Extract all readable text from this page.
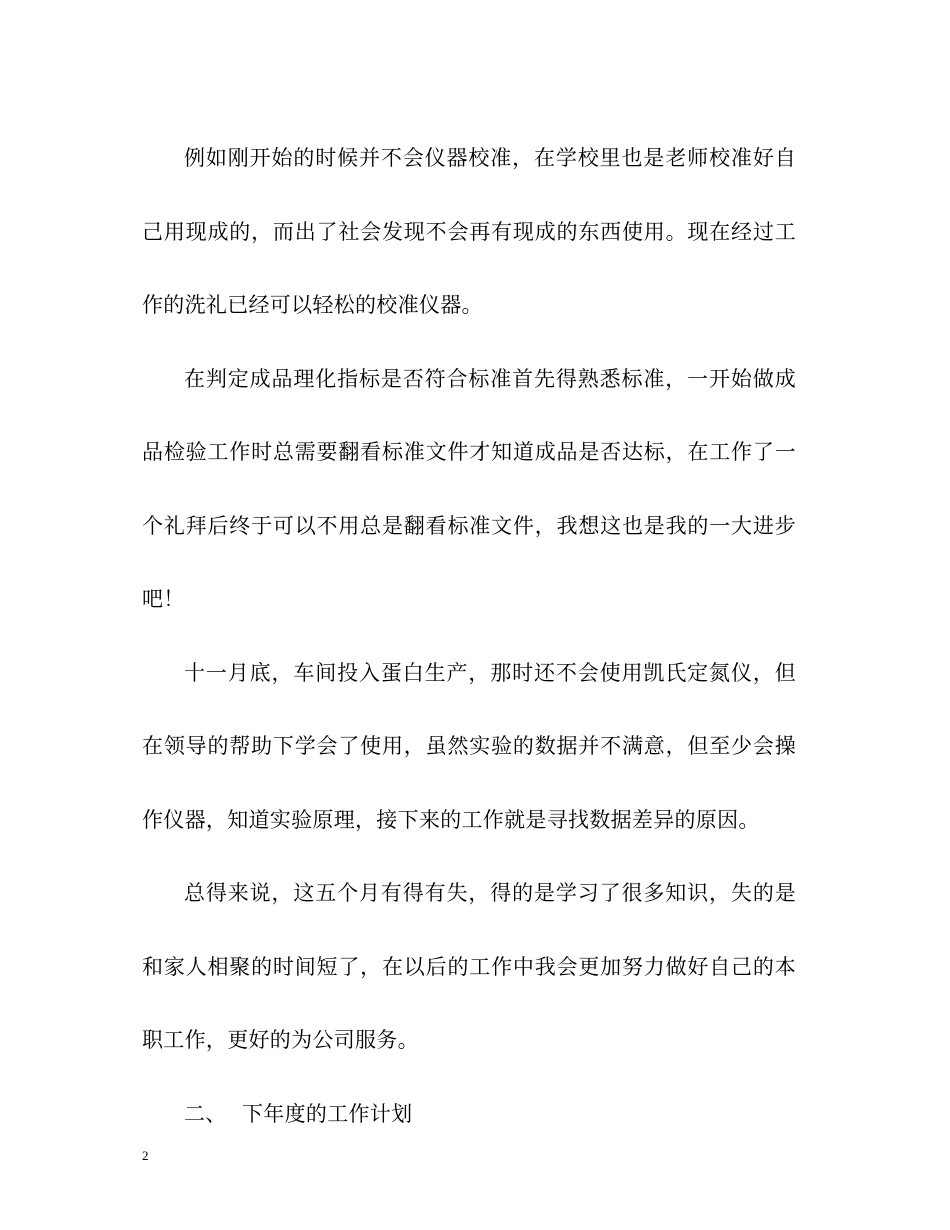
例如刚开始的时候并不会仪器校准，在学校里也是老师校准好自己用现成的，而出了社会发现不会再有现成的东西使用。现在经过工作的洗礼已经可以轻松的校准仪器。

在判定成品理化指标是否符合标准首先得熟悉标准，一开始做成品检验工作时总需要翻看标准文件才知道成品是否达标，在工作了一个礼拜后终于可以不用总是翻看标准文件，我想这也是我的一大进步吧！

十一月底，车间投入蛋白生产，那时还不会使用凯氏定氮仪，但在领导的帮助下学会了使用，虽然实验的数据并不满意，但至少会操作仪器，知道实验原理，接下来的工作就是寻找数据差异的原因。

总得来说，这五个月有得有失，得的是学习了很多知识，失的是和家人相聚的时间短了，在以后的工作中我会更加努力做好自己的本职工作，更好的为公司服务。

二、 下年度的工作计划

2
